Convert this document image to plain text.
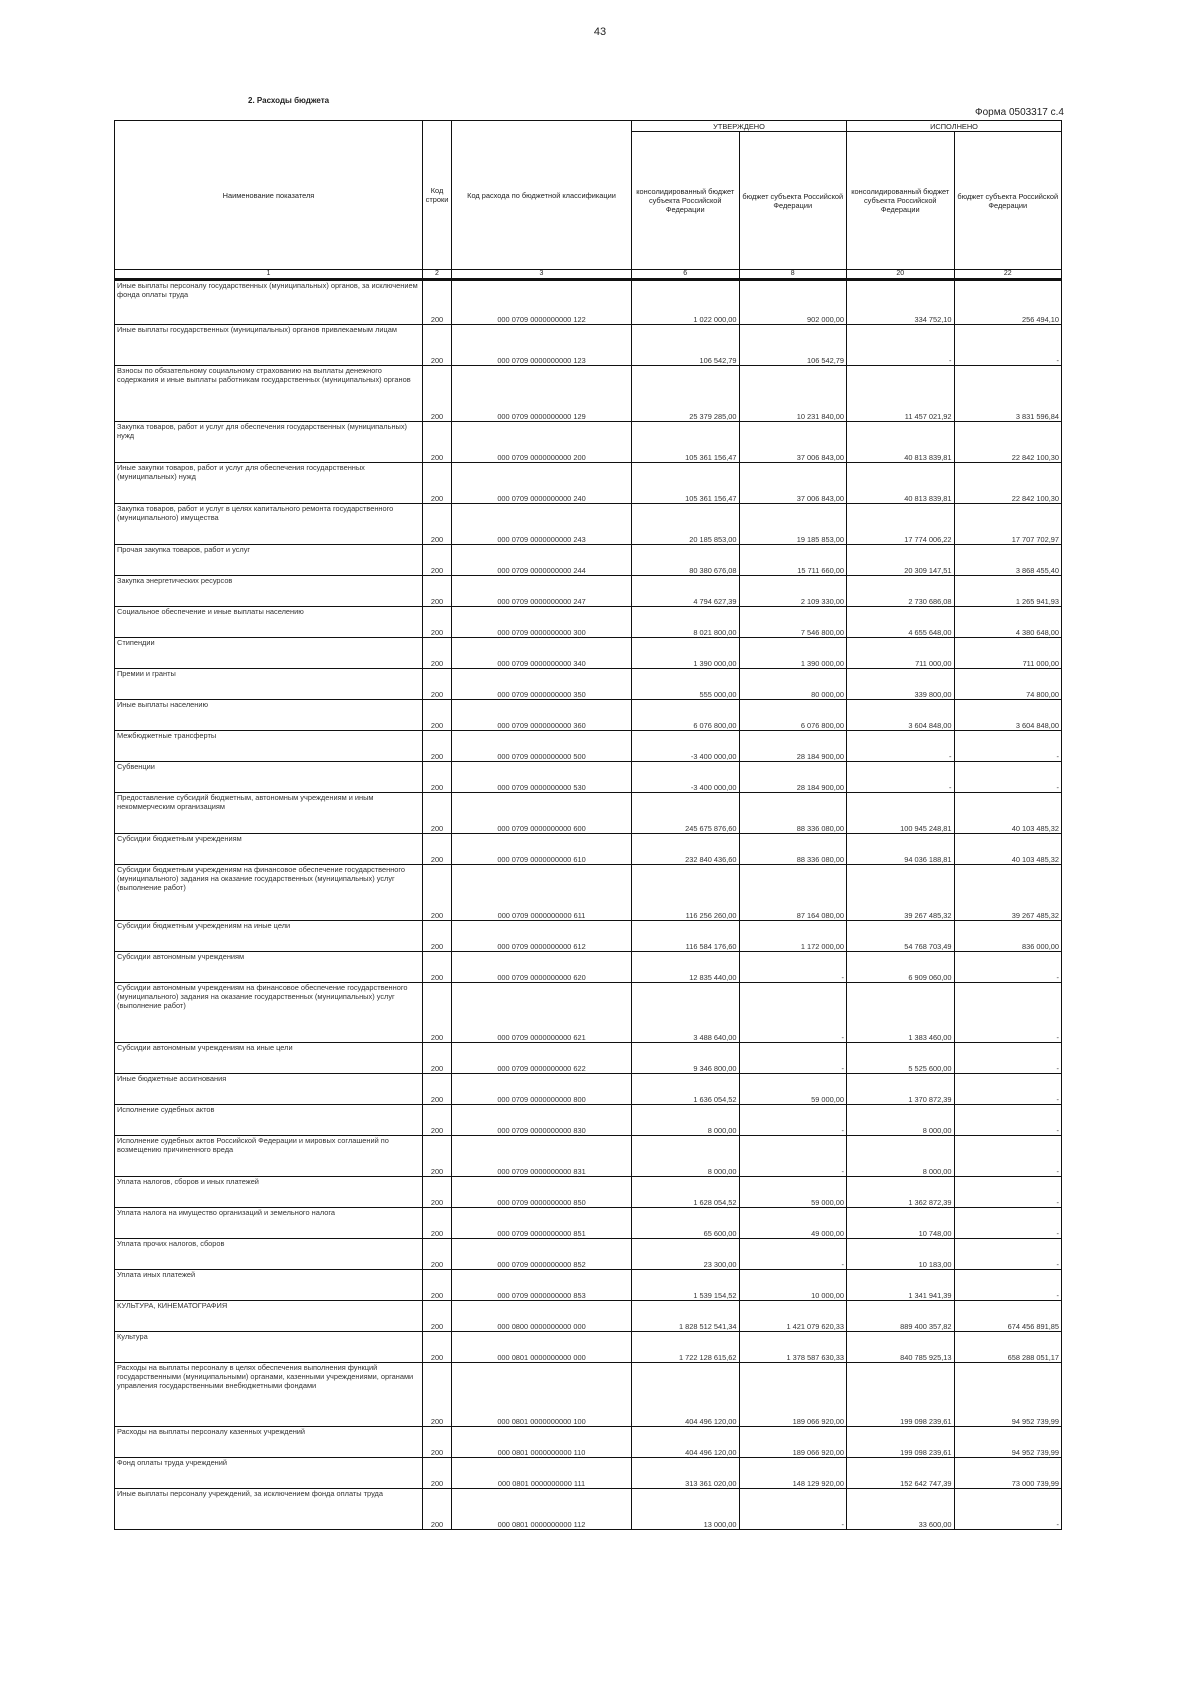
43
2. Расходы бюджета
Форма 0503317 с.4
Наименование показателя	Код строки	Код расхода по бюджетной классификации	УТВЕРЖДЕНО		ИСПОЛНЕНО	
			консолидированный бюджет субъекта Российской Федерации	бюджет субъекта Российской Федерации	консолидированный бюджет субъекта Российской Федерации	бюджет субъекта Российской Федерации
1	2	3	6	8	20	22
Иные выплаты персоналу государственных (муниципальных) органов, за исключением фонда оплаты труда	200	000 0709 0000000000 122	1 022 000,00	902 000,00	334 752,10	256 494,10
Иные выплаты государственных (муниципальных) органов привлекаемым лицам	200	000 0709 0000000000 123	106 542,79	106 542,79	-	-
Взносы по обязательному социальному страхованию на выплаты денежного содержания и иные выплаты работникам государственных (муниципальных) органов	200	000 0709 0000000000 129	25 379 285,00	10 231 840,00	11 457 021,92	3 831 596,84
Закупка товаров, работ и услуг для обеспечения государственных (муниципальных) нужд	200	000 0709 0000000000 200	105 361 156,47	37 006 843,00	40 813 839,81	22 842 100,30
Иные закупки товаров, работ и услуг для обеспечения государственных (муниципальных) нужд	200	000 0709 0000000000 240	105 361 156,47	37 006 843,00	40 813 839,81	22 842 100,30
Закупка товаров, работ и услуг в целях капитального ремонта государственного (муниципального) имущества	200	000 0709 0000000000 243	20 185 853,00	19 185 853,00	17 774 006,22	17 707 702,97
Прочая закупка товаров, работ и услуг	200	000 0709 0000000000 244	80 380 676,08	15 711 660,00	20 309 147,51	3 868 455,40
Закупка энергетических ресурсов	200	000 0709 0000000000 247	4 794 627,39	2 109 330,00	2 730 686,08	1 265 941,93
Социальное обеспечение и иные выплаты населению	200	000 0709 0000000000 300	8 021 800,00	7 546 800,00	4 655 648,00	4 380 648,00
Стипендии	200	000 0709 0000000000 340	1 390 000,00	1 390 000,00	711 000,00	711 000,00
Премии и гранты	200	000 0709 0000000000 350	555 000,00	80 000,00	339 800,00	74 800,00
Иные выплаты населению	200	000 0709 0000000000 360	6 076 800,00	6 076 800,00	3 604 848,00	3 604 848,00
Межбюджетные трансферты	200	000 0709 0000000000 500	-3 400 000,00	28 184 900,00	-	-
Субвенции	200	000 0709 0000000000 530	-3 400 000,00	28 184 900,00	-	-
Предоставление субсидий бюджетным, автономным учреждениям и иным некоммерческим организациям	200	000 0709 0000000000 600	245 675 876,60	88 336 080,00	100 945 248,81	40 103 485,32
Субсидии бюджетным учреждениям	200	000 0709 0000000000 610	232 840 436,60	88 336 080,00	94 036 188,81	40 103 485,32
Субсидии бюджетным учреждениям на финансовое обеспечение государственного (муниципального) задания на оказание государственных (муниципальных) услуг (выполнение работ)	200	000 0709 0000000000 611	116 256 260,00	87 164 080,00	39 267 485,32	39 267 485,32
Субсидии бюджетным учреждениям на иные цели	200	000 0709 0000000000 612	116 584 176,60	1 172 000,00	54 768 703,49	836 000,00
Субсидии автономным учреждениям	200	000 0709 0000000000 620	12 835 440,00	-	6 909 060,00	-
Субсидии автономным учреждениям на финансовое обеспечение государственного (муниципального) задания на оказание государственных (муниципальных) услуг (выполнение работ)	200	000 0709 0000000000 621	3 488 640,00	-	1 383 460,00	-
Субсидии автономным учреждениям на иные цели	200	000 0709 0000000000 622	9 346 800,00	-	5 525 600,00	-
Иные бюджетные ассигнования	200	000 0709 0000000000 800	1 636 054,52	59 000,00	1 370 872,39	-
Исполнение судебных актов	200	000 0709 0000000000 830	8 000,00	-	8 000,00	-
Исполнение судебных актов Российской Федерации и мировых соглашений по возмещению причиненного вреда	200	000 0709 0000000000 831	8 000,00	-	8 000,00	-
Уплата налогов, сборов и иных платежей	200	000 0709 0000000000 850	1 628 054,52	59 000,00	1 362 872,39	-
Уплата налога на имущество организаций и земельного налога	200	000 0709 0000000000 851	65 600,00	49 000,00	10 748,00	-
Уплата прочих налогов, сборов	200	000 0709 0000000000 852	23 300,00	-	10 183,00	-
Уплата иных платежей	200	000 0709 0000000000 853	1 539 154,52	10 000,00	1 341 941,39	-
КУЛЬТУРА, КИНЕМАТОГРАФИЯ	200	000 0800 0000000000 000	1 828 512 541,34	1 421 079 620,33	889 400 357,82	674 456 891,85
Культура	200	000 0801 0000000000 000	1 722 128 615,62	1 378 587 630,33	840 785 925,13	658 288 051,17
Расходы на выплаты персоналу в целях обеспечения выполнения функций государственными (муниципальными) органами, казенными учреждениями, органами управления государственными внебюджетными фондами	200	000 0801 0000000000 100	404 496 120,00	189 066 920,00	199 098 239,61	94 952 739,99
Расходы на выплаты персоналу казенных учреждений	200	000 0801 0000000000 110	404 496 120,00	189 066 920,00	199 098 239,61	94 952 739,99
Фонд оплаты труда учреждений	200	000 0801 0000000000 111	313 361 020,00	148 129 920,00	152 642 747,39	73 000 739,99
Иные выплаты персоналу учреждений, за исключением фонда оплаты труда	200	000 0801 0000000000 112	13 000,00	-	33 600,00	-
